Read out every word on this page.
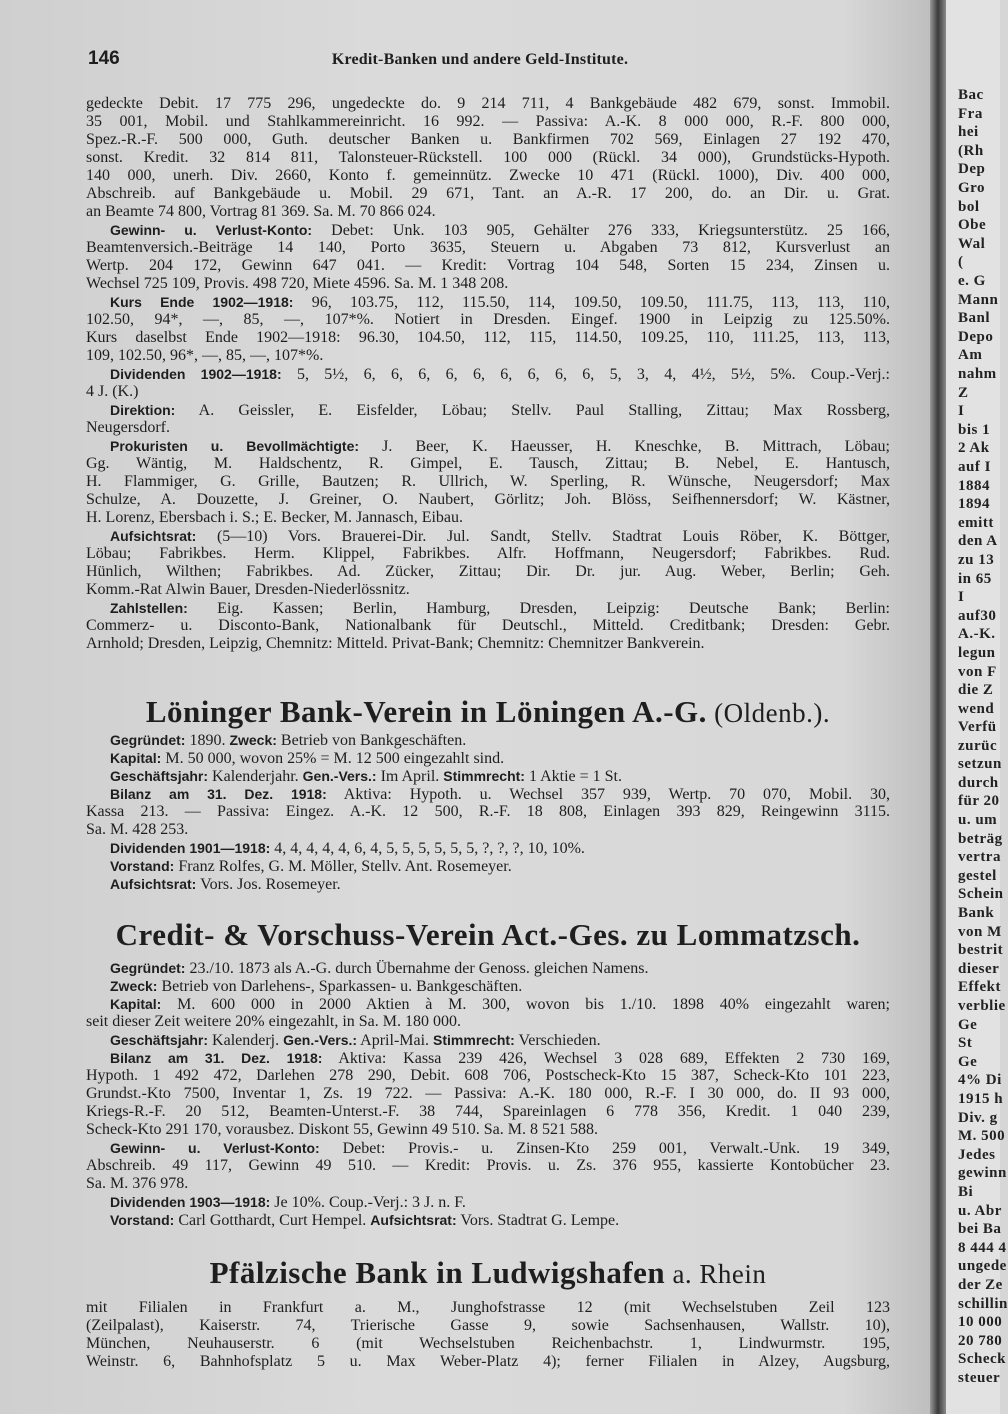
Bac
Fra
hei
(Rh
Dep
Gro
bol
Obe
Wal
(
e. G
Mann
Banl
Depo
Am
nahm
Z
I
bis 1
2 Ak
auf I
1884
1894
emitt
den A
zu 13
in 65
I
auf30
A.-K.
legun
von F
die Z
wend
Verfü
zurüc
setzun
durch
für 20
u. um
beträg
vertra
gestel
Schein
Bank
von M
bestrit
dieser
Effekt
verblie
Ge
St
Ge
4% Di
1915 h
Div. g
M. 500
Jedes
gewinn
Bi
u. Abr
bei Ba
8 444 4
ungede
der Ze
schillin
10 000
20 780
Scheck
steuer
146	Kredit-Banken und andere Geld-Institute.
gedeckte Debit. 17 775 296, ungedeckte do. 9 214 711, 4 Bankgebäude 482 679, sonst. Immobil.
35 001, Mobil. und Stahlkammereinricht. 16 992. — Passiva: A.-K. 8 000 000, R.-F. 800 000,
Spez.-R.-F. 500 000, Guth. deutscher Banken u. Bankfirmen 702 569, Einlagen 27 192 470,
sonst. Kredit. 32 814 811, Talonsteuer-Rückstell. 100 000 (Rückl. 34 000), Grundstücks-Hypoth.
140 000, unerh. Div. 2660, Konto f. gemeinnütz. Zwecke 10 471 (Rückl. 1000), Div. 400 000,
Abschreib. auf Bankgebäude u. Mobil. 29 671, Tant. an A.-R. 17 200, do. an Dir. u. Grat.
an Beamte 74 800, Vortrag 81 369. Sa. M. 70 866 024.
Gewinn- u. Verlust-Konto: Debet: Unk. 103 905, Gehälter 276 333, Kriegsunterstütz. 25 166,
Beamtenversich.-Beiträge 14 140, Porto 3635, Steuern u. Abgaben 73 812, Kursverlust an
Wertp. 204 172, Gewinn 647 041. — Kredit: Vortrag 104 548, Sorten 15 234, Zinsen u.
Wechsel 725 109, Provis. 498 720, Miete 4596. Sa. M. 1 348 208.
Kurs Ende 1902—1918: 96, 103.75, 112, 115.50, 114, 109.50, 109.50, 111.75, 113, 113, 110,
102.50, 94*, —, 85, —, 107*%. Notiert in Dresden. Eingef. 1900 in Leipzig zu 125.50%.
Kurs daselbst Ende 1902—1918: 96.30, 104.50, 112, 115, 114.50, 109.25, 110, 111.25, 113, 113,
109, 102.50, 96*, —, 85, —, 107*%.
Dividenden 1902—1918: 5, 5½, 6, 6, 6, 6, 6, 6, 6, 6, 6, 5, 3, 4, 4½, 5½, 5%. Coup.-Verj.:
4 J. (K.)
Direktion: A. Geissler, E. Eisfelder, Löbau; Stellv. Paul Stalling, Zittau; Max Rossberg,
Neugersdorf.
Prokuristen u. Bevollmächtigte: J. Beer, K. Haeusser, H. Kneschke, B. Mittrach, Löbau;
Gg. Wäntig, M. Haldschentz, R. Gimpel, E. Tausch, Zittau; B. Nebel, E. Hantusch,
H. Flammiger, G. Grille, Bautzen; R. Ullrich, W. Sperling, R. Wünsche, Neugersdorf; Max
Schulze, A. Douzette, J. Greiner, O. Naubert, Görlitz; Joh. Blöss, Seifhennersdorf; W. Kästner,
H. Lorenz, Ebersbach i. S.; E. Becker, M. Jannasch, Eibau.
Aufsichtsrat: (5—10) Vors. Brauerei-Dir. Jul. Sandt, Stellv. Stadtrat Louis Röber, K. Böttger,
Löbau; Fabrikbes. Herm. Klippel, Fabrikbes. Alfr. Hoffmann, Neugersdorf; Fabrikbes. Rud.
Hünlich, Wilthen; Fabrikbes. Ad. Zücker, Zittau; Dir. Dr. jur. Aug. Weber, Berlin; Geh.
Komm.-Rat Alwin Bauer, Dresden-Niederlössnitz.
Zahlstellen: Eig. Kassen; Berlin, Hamburg, Dresden, Leipzig: Deutsche Bank; Berlin:
Commerz- u. Disconto-Bank, Nationalbank für Deutschl., Mitteld. Creditbank; Dresden: Gebr.
Arnhold; Dresden, Leipzig, Chemnitz: Mitteld. Privat-Bank; Chemnitz: Chemnitzer Bankverein.
Löninger Bank-Verein in Löningen A.-G. (Oldenb.).
Gegründet: 1890. Zweck: Betrieb von Bankgeschäften.
Kapital: M. 50 000, wovon 25% = M. 12 500 eingezahlt sind.
Geschäftsjahr: Kalenderjahr. Gen.-Vers.: Im April. Stimmrecht: 1 Aktie = 1 St.
Bilanz am 31. Dez. 1918: Aktiva: Hypoth. u. Wechsel 357 939, Wertp. 70 070, Mobil. 30,
Kassa 213. — Passiva: Eingez. A.-K. 12 500, R.-F. 18 808, Einlagen 393 829, Reingewinn 3115.
Sa. M. 428 253.
Dividenden 1901—1918: 4, 4, 4, 4, 4, 6, 4, 5, 5, 5, 5, 5, 5, ?, ?, ?, 10, 10%.
Vorstand: Franz Rolfes, G. M. Möller, Stellv. Ant. Rosemeyer.
Aufsichtsrat: Vors. Jos. Rosemeyer.
Credit- & Vorschuss-Verein Act.-Ges. zu Lommatzsch.
Gegründet: 23./10. 1873 als A.-G. durch Übernahme der Genoss. gleichen Namens.
Zweck: Betrieb von Darlehens-, Sparkassen- u. Bankgeschäften.
Kapital: M. 600 000 in 2000 Aktien à M. 300, wovon bis 1./10. 1898 40% eingezahlt waren;
seit dieser Zeit weitere 20% eingezahlt, in Sa. M. 180 000.
Geschäftsjahr: Kalenderj. Gen.-Vers.: April-Mai. Stimmrecht: Verschieden.
Bilanz am 31. Dez. 1918: Aktiva: Kassa 239 426, Wechsel 3 028 689, Effekten 2 730 169,
Hypoth. 1 492 472, Darlehen 278 290, Debit. 608 706, Postscheck-Kto 15 387, Scheck-Kto 101 223,
Grundst.-Kto 7500, Inventar 1, Zs. 19 722. — Passiva: A.-K. 180 000, R.-F. I 30 000, do. II 93 000,
Kriegs-R.-F. 20 512, Beamten-Unterst.-F. 38 744, Spareinlagen 6 778 356, Kredit. 1 040 239,
Scheck-Kto 291 170, vorausbez. Diskont 55, Gewinn 49 510. Sa. M. 8 521 588.
Gewinn- u. Verlust-Konto: Debet: Provis.- u. Zinsen-Kto 259 001, Verwalt.-Unk. 19 349,
Abschreib. 49 117, Gewinn 49 510. — Kredit: Provis. u. Zs. 376 955, kassierte Kontobücher 23.
Sa. M. 376 978.
Dividenden 1903—1918: Je 10%. Coup.-Verj.: 3 J. n. F.
Vorstand: Carl Gotthardt, Curt Hempel. Aufsichtsrat: Vors. Stadtrat G. Lempe.
Pfälzische Bank in Ludwigshafen a. Rhein
mit Filialen in Frankfurt a. M., Junghofstrasse 12 (mit Wechselstuben Zeil 123
(Zeilpalast), Kaiserstr. 74, Trierische Gasse 9, sowie Sachsenhausen, Wallstr. 10),
München, Neuhauserstr. 6 (mit Wechselstuben Reichenbachstr. 1, Lindwurmstr. 195,
Weinstr. 6, Bahnhofsplatz 5 u. Max Weber-Platz 4); ferner Filialen in Alzey, Augsburg,
